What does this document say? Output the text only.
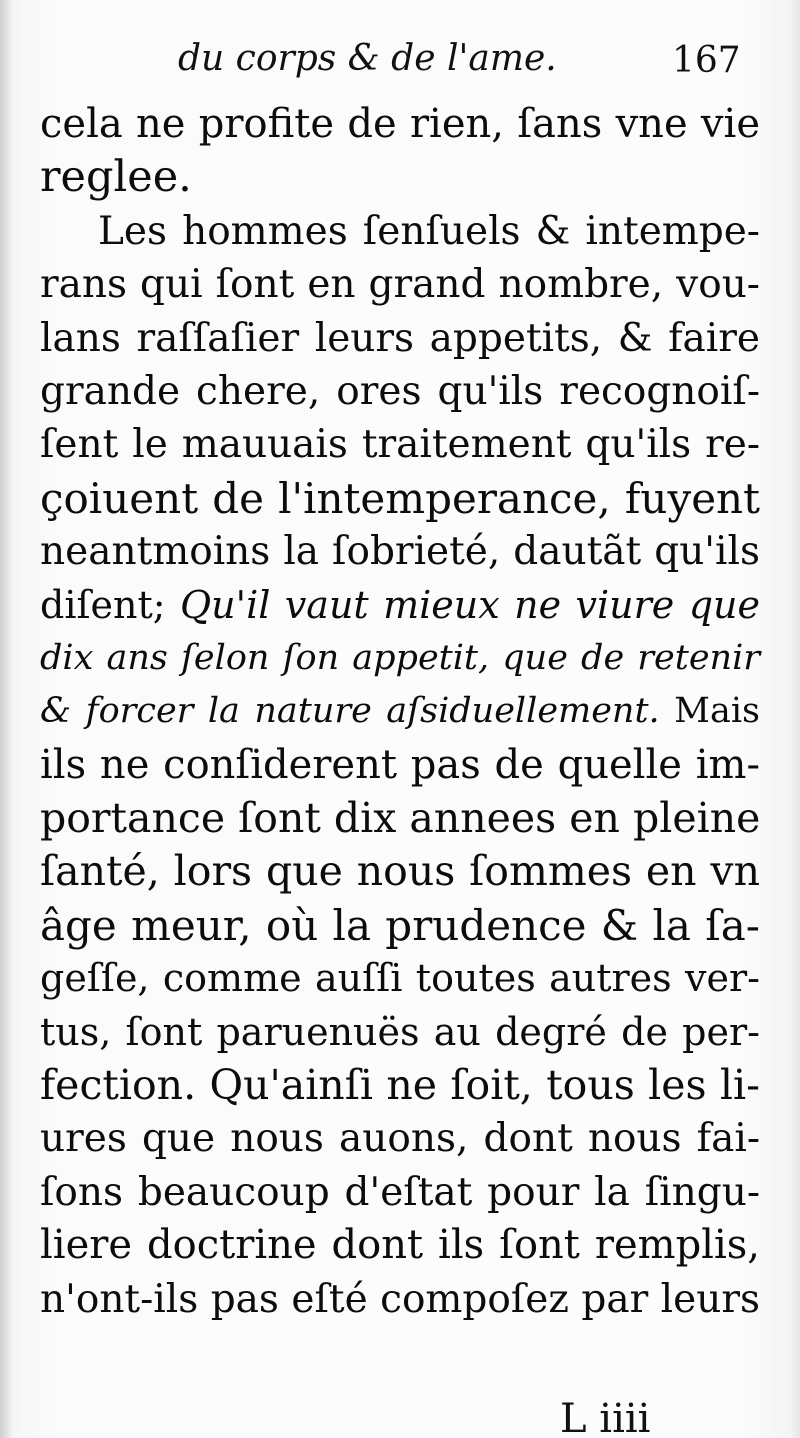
du corps & de l'ame.	167
cela ne profite de rien, ſans vne vie
reglee.
Les hommes ſenſuels & intempe-
rans qui ſont en grand nombre, vou-
lans raſſaſier leurs appetits, & faire
grande chere, ores qu'ils recognoiſ-
ſent le mauuais traitement qu'ils re-
çoiuent de l'intemperance, fuyent
neantmoins la ſobrieté, dautãt qu'ils
diſent; Qu'il vaut mieux ne viure que
dix ans ſelon ſon appetit, que de retenir
& forcer la nature aſsiduellement. Mais
ils ne conſiderent pas de quelle im-
portance ſont dix annees en pleine
ſanté, lors que nous ſommes en vn
âge meur, où la prudence & la ſa-
geſſe, comme auſſi toutes autres ver-
tus, ſont paruenuës au degré de per-
fection. Qu'ainſi ne ſoit, tous les li-
ures que nous auons, dont nous fai-
ſons beaucoup d'eſtat pour la ſingu-
liere doctrine dont ils ſont remplis,
n'ont-ils pas eſté compoſez par leurs
L iiii
